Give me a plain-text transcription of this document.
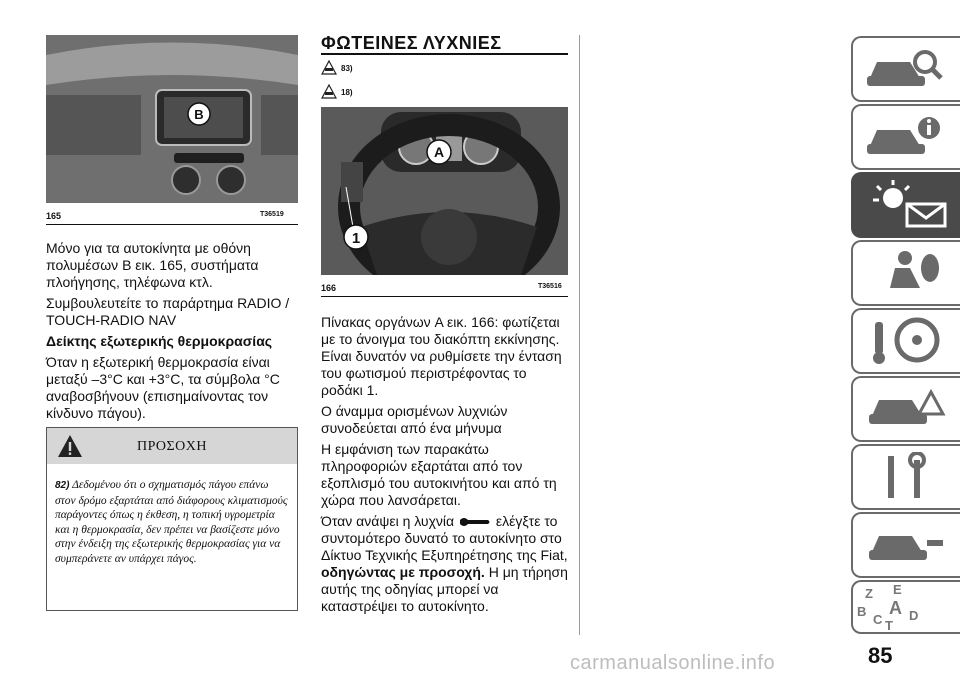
B
165	T36519

Μόνο για τα αυτοκίνητα με οθόνη πολυμέσων B εικ. 165, συστήματα πλοήγησης, τηλέφωνα κτλ.

Συμβουλευτείτε το παράρτημα RADIO / TOUCH-RADIO NAV

Δείκτης εξωτερικής θερμοκρασίας

Όταν η εξωτερική θερμοκρασία είναι μεταξύ –3°C και +3°C, τα σύμβολα °C αναβοσβήνουν (επισημαίνοντας τον κίνδυνο πάγου).

ΠΡΟΣΟΧΗ
82) Δεδομένου ότι ο σχηματισμός πάγου επάνω στον δρόμο εξαρτάται από διάφορους κλιματισμούς παράγοντες όπως η έκθεση, η τοπική υγρομετρία και η θερμοκρασία, δεν πρέπει να βασίζεστε μόνο στην ένδειξη της εξωτερικής θερμοκρασίας για να συμπεράνετε αν υπάρχει πάγος.
ΦΩΤΕΙΝΕΣ ΛΥΧΝΙΕΣ
83)
18)
A
1
166	T36516

Πίνακας οργάνων A εικ. 166: φωτίζεται με το άνοιγμα του διακόπτη εκκίνησης. Είναι δυνατόν να ρυθμίσετε την ένταση του φωτισμού περιστρέφοντας το ροδάκι 1.

Ο άναμμα ορισμένων λυχνιών συνοδεύεται από ένα μήνυμα

Η εμφάνιση των παρακάτω πληροφοριών εξαρτάται από τον εξοπλισμό του αυτοκινήτου και από τη χώρα που λανσάρεται.

Όταν ανάψει η λυχνία	ελέγξτε το συντομότερο δυνατό το αυτοκίνητο στο Δίκτυο Τεχνικής Εξυπηρέτησης της Fiat, οδηγώντας με προσοχή. Η μη τήρηση αυτής της οδηγίας μπορεί να καταστρέψει το αυτοκίνητο.

Z E
B A
C D
T
carmanualsonline.info	85
